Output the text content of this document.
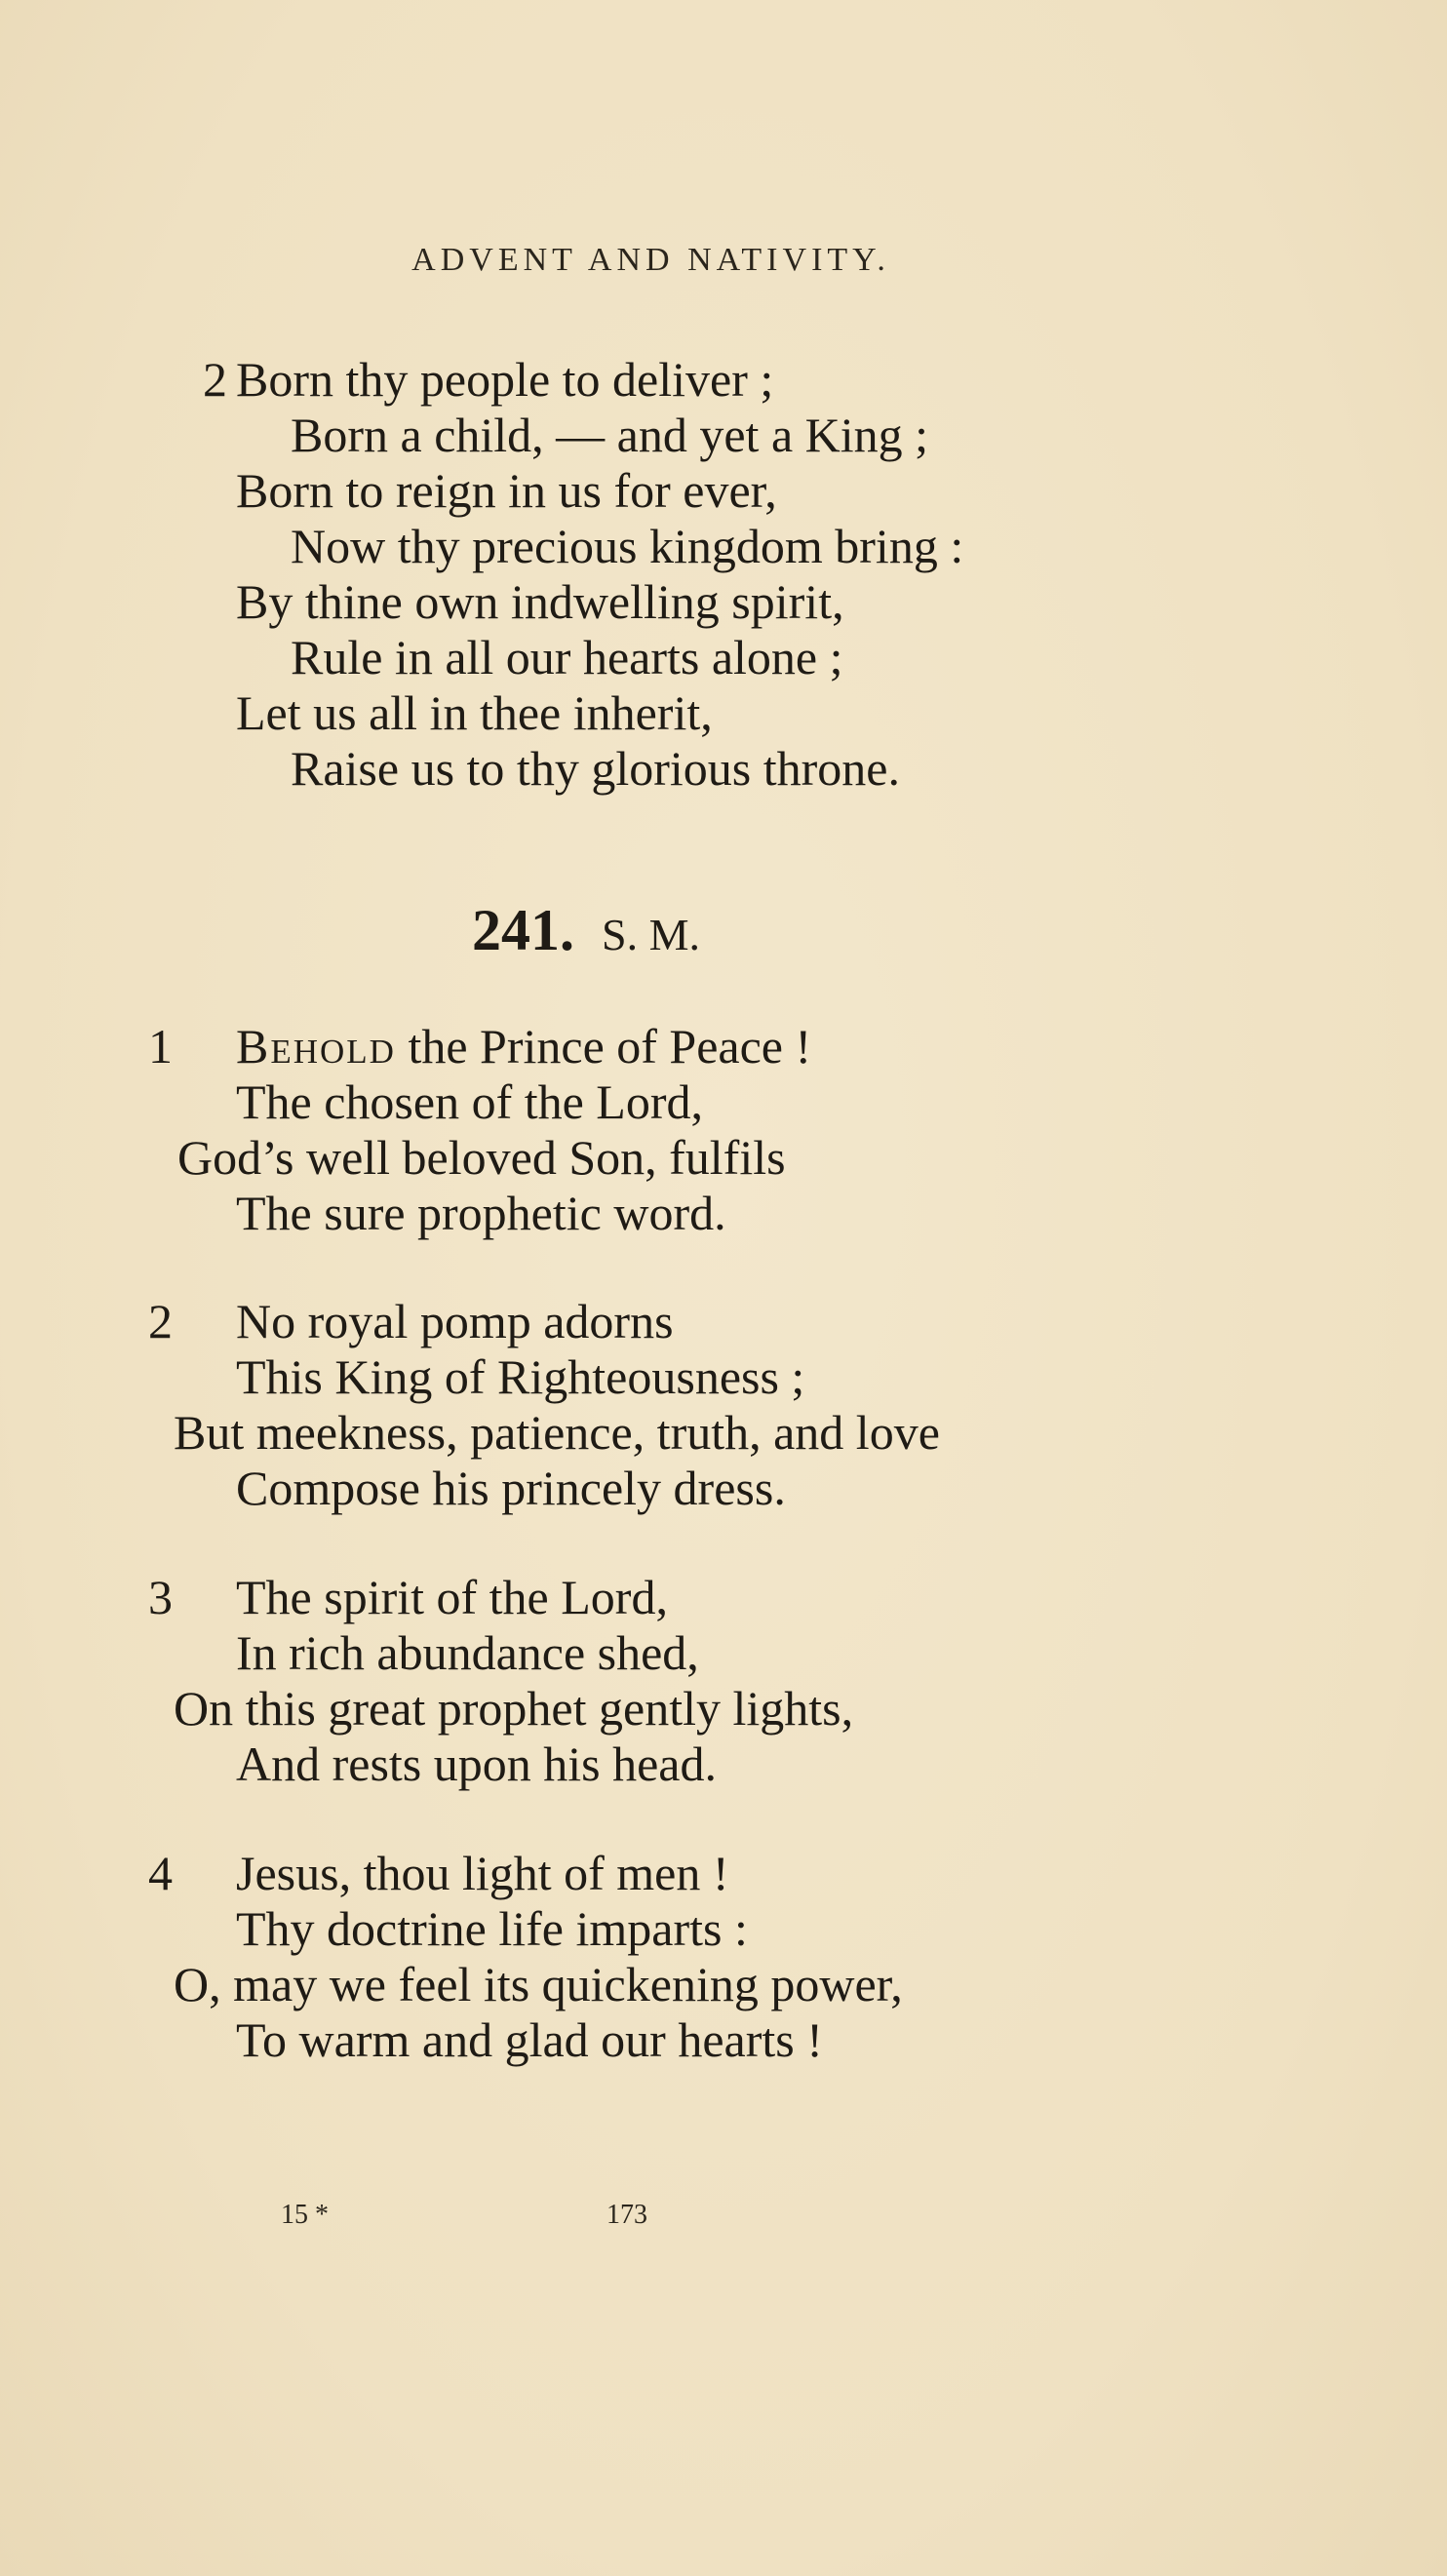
ADVENT AND NATIVITY.
2 Born thy people to deliver ;
Born a child, — and yet a King ;
Born to reign in us for ever,
Now thy precious kingdom bring :
By thine own indwelling spirit,
Rule in all our hearts alone ;
Let us all in thee inherit,
Raise us to thy glorious throne.
241. S. M.
1 Behold the Prince of Peace !
The chosen of the Lord,
God’s well beloved Son, fulfils
The sure prophetic word.
2 No royal pomp adorns
This King of Righteousness ;
But meekness, patience, truth, and love
Compose his princely dress.
3 The spirit of the Lord,
In rich abundance shed,
On this great prophet gently lights,
And rests upon his head.
4 Jesus, thou light of men !
Thy doctrine life imparts :
O, may we feel its quickening power,
To warm and glad our hearts !
15 *	173
